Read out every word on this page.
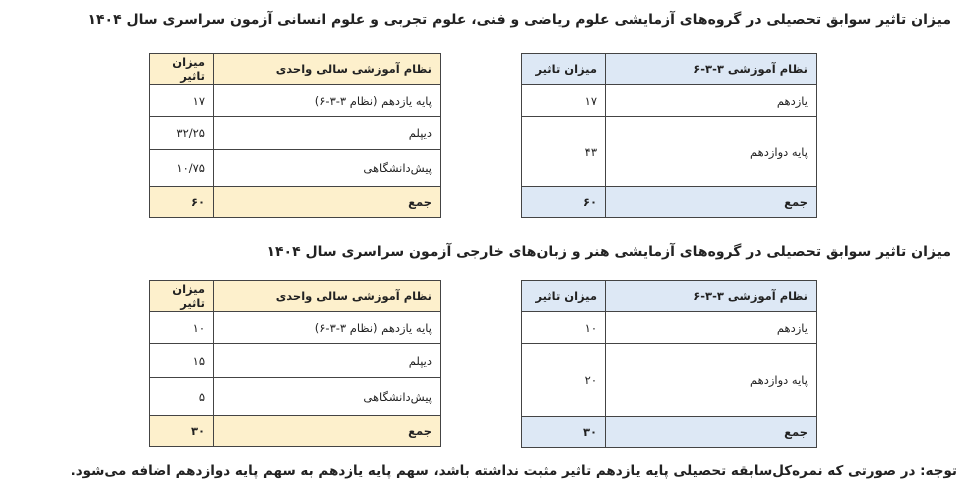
میزان تاثیر سوابق تحصیلی در گروه‌های آزمایشی علوم ریاضی و فنی، علوم تجربی و علوم انسانی آزمون سراسری سال ۱۴۰۴
نظام آموزشی ۳-۳-۶	میزان تاثیر
یازدهم	۱۷
پایه دوازدهم	۴۳
جمع	۶۰
نظام آموزشی سالی واحدی	میزان تاثیر
پایه یازدهم (نظام ۳-۳-۶)	۱۷
دیپلم	۳۲/۲۵
پیش‌دانشگاهی	۱۰/۷۵
جمع	۶۰
میزان تاثیر سوابق تحصیلی در گروه‌های آزمایشی هنر و زبان‌های خارجی آزمون سراسری سال ۱۴۰۴
نظام آموزشی ۳-۳-۶	میزان تاثیر
یازدهم	۱۰
پایه دوازدهم	۲۰
جمع	۳۰
نظام آموزشی سالی واحدی	میزان تاثیر
پایه یازدهم (نظام ۳-۳-۶)	۱۰
دیپلم	۱۵
پیش‌دانشگاهی	۵
جمع	۳۰
توجه: در صورتی که نمره‌کل‌سابقه تحصیلی پایه یازدهم تاثیر مثبت نداشته باشد، سهم پایه یازدهم به سهم پایه دوازدهم اضافه می‌شود.
